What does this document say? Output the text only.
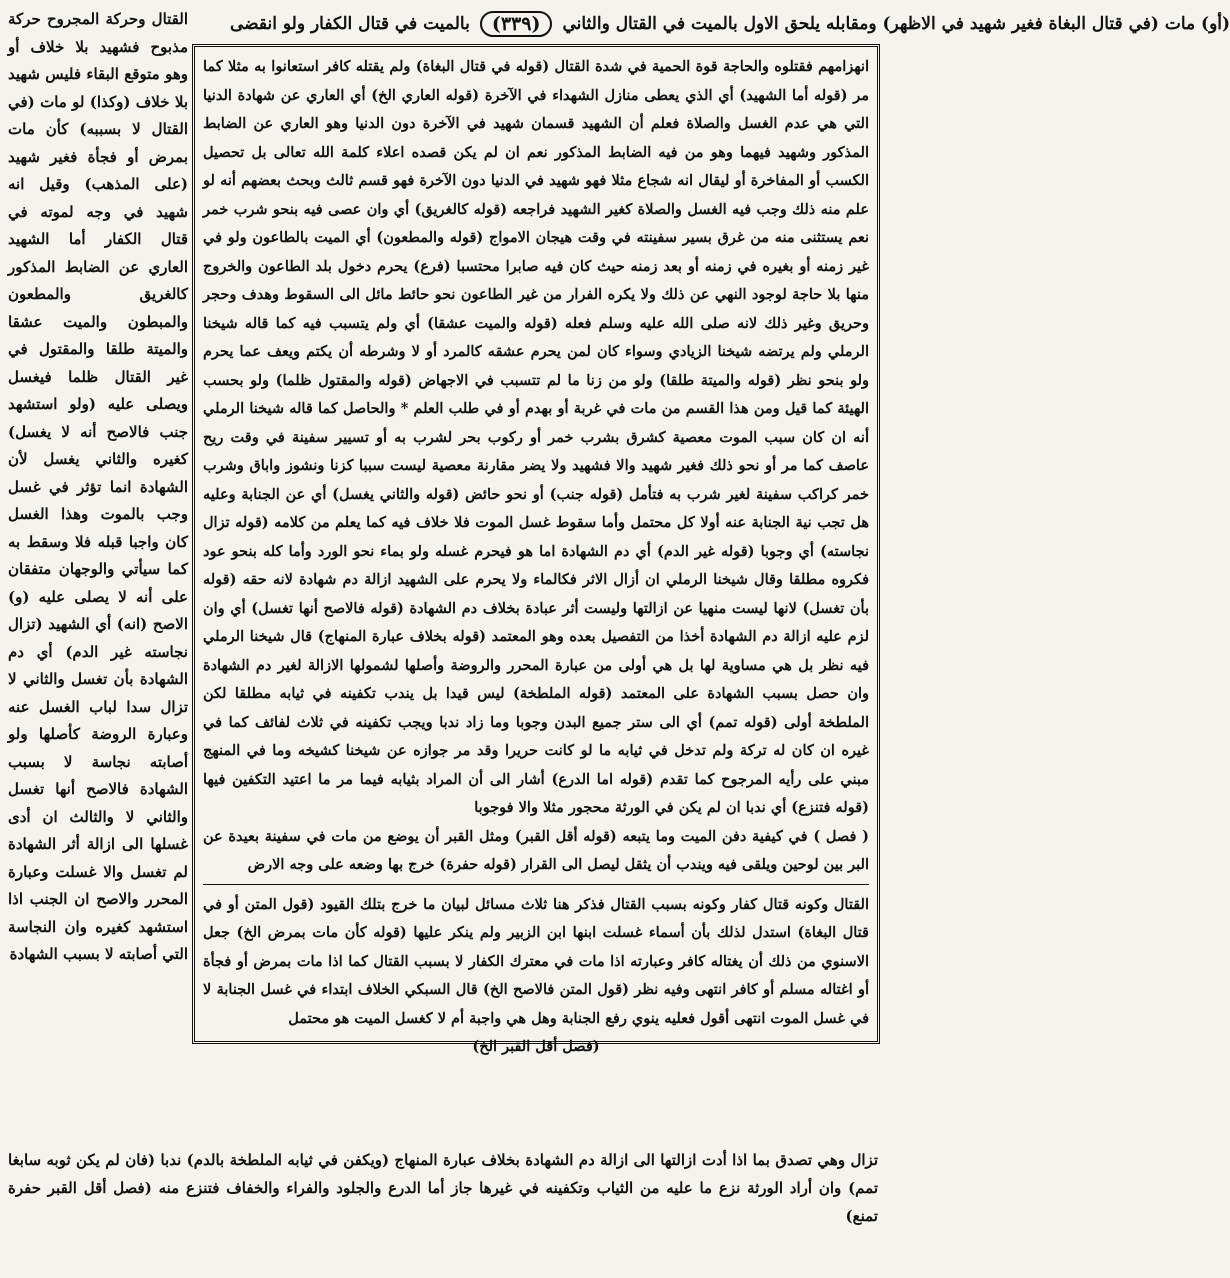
بالميت في قتال الكفار ولو انقضى	(٣٣٩)	(أو) مات (في قتال البغاة فغير شهيد في الاظهر) ومقابله يلحق الاول بالميت في القتال والثاني

القتال وحركة المجروح حركة مذبوح فشهيد بلا خلاف أو وهو متوقع البقاء فليس شهيد بلا خلاف (وكذا) لو مات (في القتال لا بسببه) كأن مات بمرض أو فجأة فغير شهيد (على المذهب) وقيل انه شهيد في وجه لموته في قتال الكفار أما الشهيد العاري عن الضابط المذكور كالغريق والمطعون والمبطون والميت عشقا والميتة طلقا والمقتول في غير القتال ظلما فيغسل ويصلى عليه (ولو استشهد جنب فالاصح أنه لا يغسل) كغيره والثاني يغسل لأن الشهادة انما تؤثر في غسل وجب بالموت وهذا الغسل كان واجبا قبله فلا وسقط به كما سيأتي والوجهان متفقان على أنه لا يصلى عليه (و) الاصح (انه) أي الشهيد (تزال نجاسته غير الدم) أي دم الشهادة بأن تغسل والثاني لا تزال سدا لباب الغسل عنه وعبارة الروضة كأصلها ولو أصابته نجاسة لا بسبب الشهادة فالاصح أنها تغسل والثاني لا والثالث ان أدى غسلها الى ازالة أثر الشهادة لم تغسل والا غسلت وعبارة المحرر والاصح ان الجنب اذا استشهد كغيره وان النجاسة التي أصابته لا بسبب الشهادة

انهزامهم فقتلوه والحاجة قوة الحمية في شدة القتال (قوله في قتال البغاة) ولم يقتله كافر استعانوا به مثلا كما مر (قوله أما الشهيد) أي الذي يعطى منازل الشهداء في الآخرة (قوله العاري الخ) أي العاري عن شهادة الدنيا التي هي عدم الغسل والصلاة فعلم أن الشهيد قسمان شهيد في الآخرة دون الدنيا وهو العاري عن الضابط المذكور وشهيد فيهما وهو من فيه الضابط المذكور نعم ان لم يكن قصده اعلاء كلمة الله تعالى بل تحصيل الكسب أو المفاخرة أو ليقال انه شجاع مثلا فهو شهيد في الدنيا دون الآخرة فهو قسم ثالث وبحث بعضهم أنه لو علم منه ذلك وجب فيه الغسل والصلاة كغير الشهيد فراجعه (قوله كالغريق) أي وان عصى فيه بنحو شرب خمر نعم يستثنى منه من غرق بسير سفينته في وقت هيجان الامواج (قوله والمطعون) أي الميت بالطاعون ولو في غير زمنه أو بغيره في زمنه أو بعد زمنه حيث كان فيه صابرا محتسبا (فرع) يحرم دخول بلد الطاعون والخروج منها بلا حاجة لوجود النهي عن ذلك ولا يكره الفرار من غير الطاعون نحو حائط مائل الى السقوط وهدف وحجر وحريق وغير ذلك لانه صلى الله عليه وسلم فعله (قوله والميت عشقا) أي ولم يتسبب فيه كما قاله شيخنا الرملي ولم يرتضه شيخنا الزيادي وسواء كان لمن يحرم عشقه كالمرد أو لا وشرطه أن يكتم ويعف عما يحرم ولو بنحو نظر (قوله والميتة طلقا) ولو من زنا ما لم تتسبب في الاجهاض (قوله والمقتول ظلما) ولو بحسب الهيئة كما قيل ومن هذا القسم من مات في غربة أو بهدم أو في طلب العلم * والحاصل كما قاله شيخنا الرملي أنه ان كان سبب الموت معصية كشرق بشرب خمر أو ركوب بحر لشرب به أو تسيير سفينة في وقت ريح عاصف كما مر أو نحو ذلك فغير شهيد والا فشهيد ولا يضر مقارنة معصية ليست سببا كزنا ونشوز واباق وشرب خمر كراكب سفينة لغير شرب به فتأمل (قوله جنب) أو نحو حائض (قوله والثاني يغسل) أي عن الجنابة وعليه هل تجب نية الجنابة عنه أولا كل محتمل وأما سقوط غسل الموت فلا خلاف فيه كما يعلم من كلامه (قوله تزال نجاسته) أي وجوبا (قوله غير الدم) أي دم الشهادة اما هو فيحرم غسله ولو بماء نحو الورد وأما كله بنحو عود فكروه مطلقا وقال شيخنا الرملي ان أزال الاثر فكالماء ولا يحرم على الشهيد ازالة دم شهادة لانه حقه (قوله بأن تغسل) لانها ليست منهيا عن ازالتها وليست أثر عبادة بخلاف دم الشهادة (قوله فالاصح أنها تغسل) أي وان لزم عليه ازالة دم الشهادة أخذا من التفصيل بعده وهو المعتمد (قوله بخلاف عبارة المنهاج) قال شيخنا الرملي فيه نظر بل هي مساوية لها بل هي أولى من عبارة المحرر والروضة وأصلها لشمولها الازالة لغير دم الشهادة وان حصل بسبب الشهادة على المعتمد (قوله الملطخة) ليس قيدا بل يندب تكفينه في ثيابه مطلقا لكن الملطخة أولى (قوله تمم) أي الى ستر جميع البدن وجوبا وما زاد ندبا ويجب تكفينه في ثلاث لفائف كما في غيره ان كان له تركة ولم تدخل في ثيابه ما لو كانت حريرا وقد مر جوازه عن شيخنا كشيخه وما في المنهج مبني على رأيه المرجوح كما تقدم (قوله اما الدرع) أشار الى أن المراد بثيابه فيما مر ما اعتيد التكفين فيها (قوله فتنزع) أي ندبا ان لم يكن في الورثة محجور مثلا والا فوجوبا

( فصل ) في كيفية دفن الميت وما يتبعه (قوله أقل القبر) ومثل القبر أن يوضع من مات في سفينة بعيدة عن البر بين لوحين ويلقى فيه ويندب أن يثقل ليصل الى القرار (قوله حفرة) خرج بها وضعه على وجه الارض

القتال وكونه قتال كفار وكونه بسبب القتال فذكر هنا ثلاث مسائل لبيان ما خرج بتلك القيود (قول المتن أو في قتال البغاة) استدل لذلك بأن أسماء غسلت ابنها ابن الزبير ولم ينكر عليها (قوله كأن مات بمرض الخ) جعل الاسنوي من ذلك أن يغتاله كافر وعبارته اذا مات في معترك الكفار لا بسبب القتال كما اذا مات بمرض أو فجأة أو اغتاله مسلم أو كافر انتهى وفيه نظر (قول المتن فالاصح الخ) قال السبكي الخلاف ابتداء في غسل الجنابة لا في غسل الموت انتهى أقول فعليه ينوي رفع الجنابة وهل هي واجبة أم لا كغسل الميت هو محتمل

(فصل أقل القبر الخ)

تزال وهي تصدق بما اذا أدت ازالتها الى ازالة دم الشهادة بخلاف عبارة المنهاج (ويكفن في ثيابه الملطخة بالدم) ندبا (فان لم يكن ثوبه سابغا تمم) وان أراد الورثة نزع ما عليه من الثياب وتكفينه في غيرها جاز أما الدرع والجلود والفراء والخفاف فتنزع منه (فصل أقل القبر حفرة تمنع)
